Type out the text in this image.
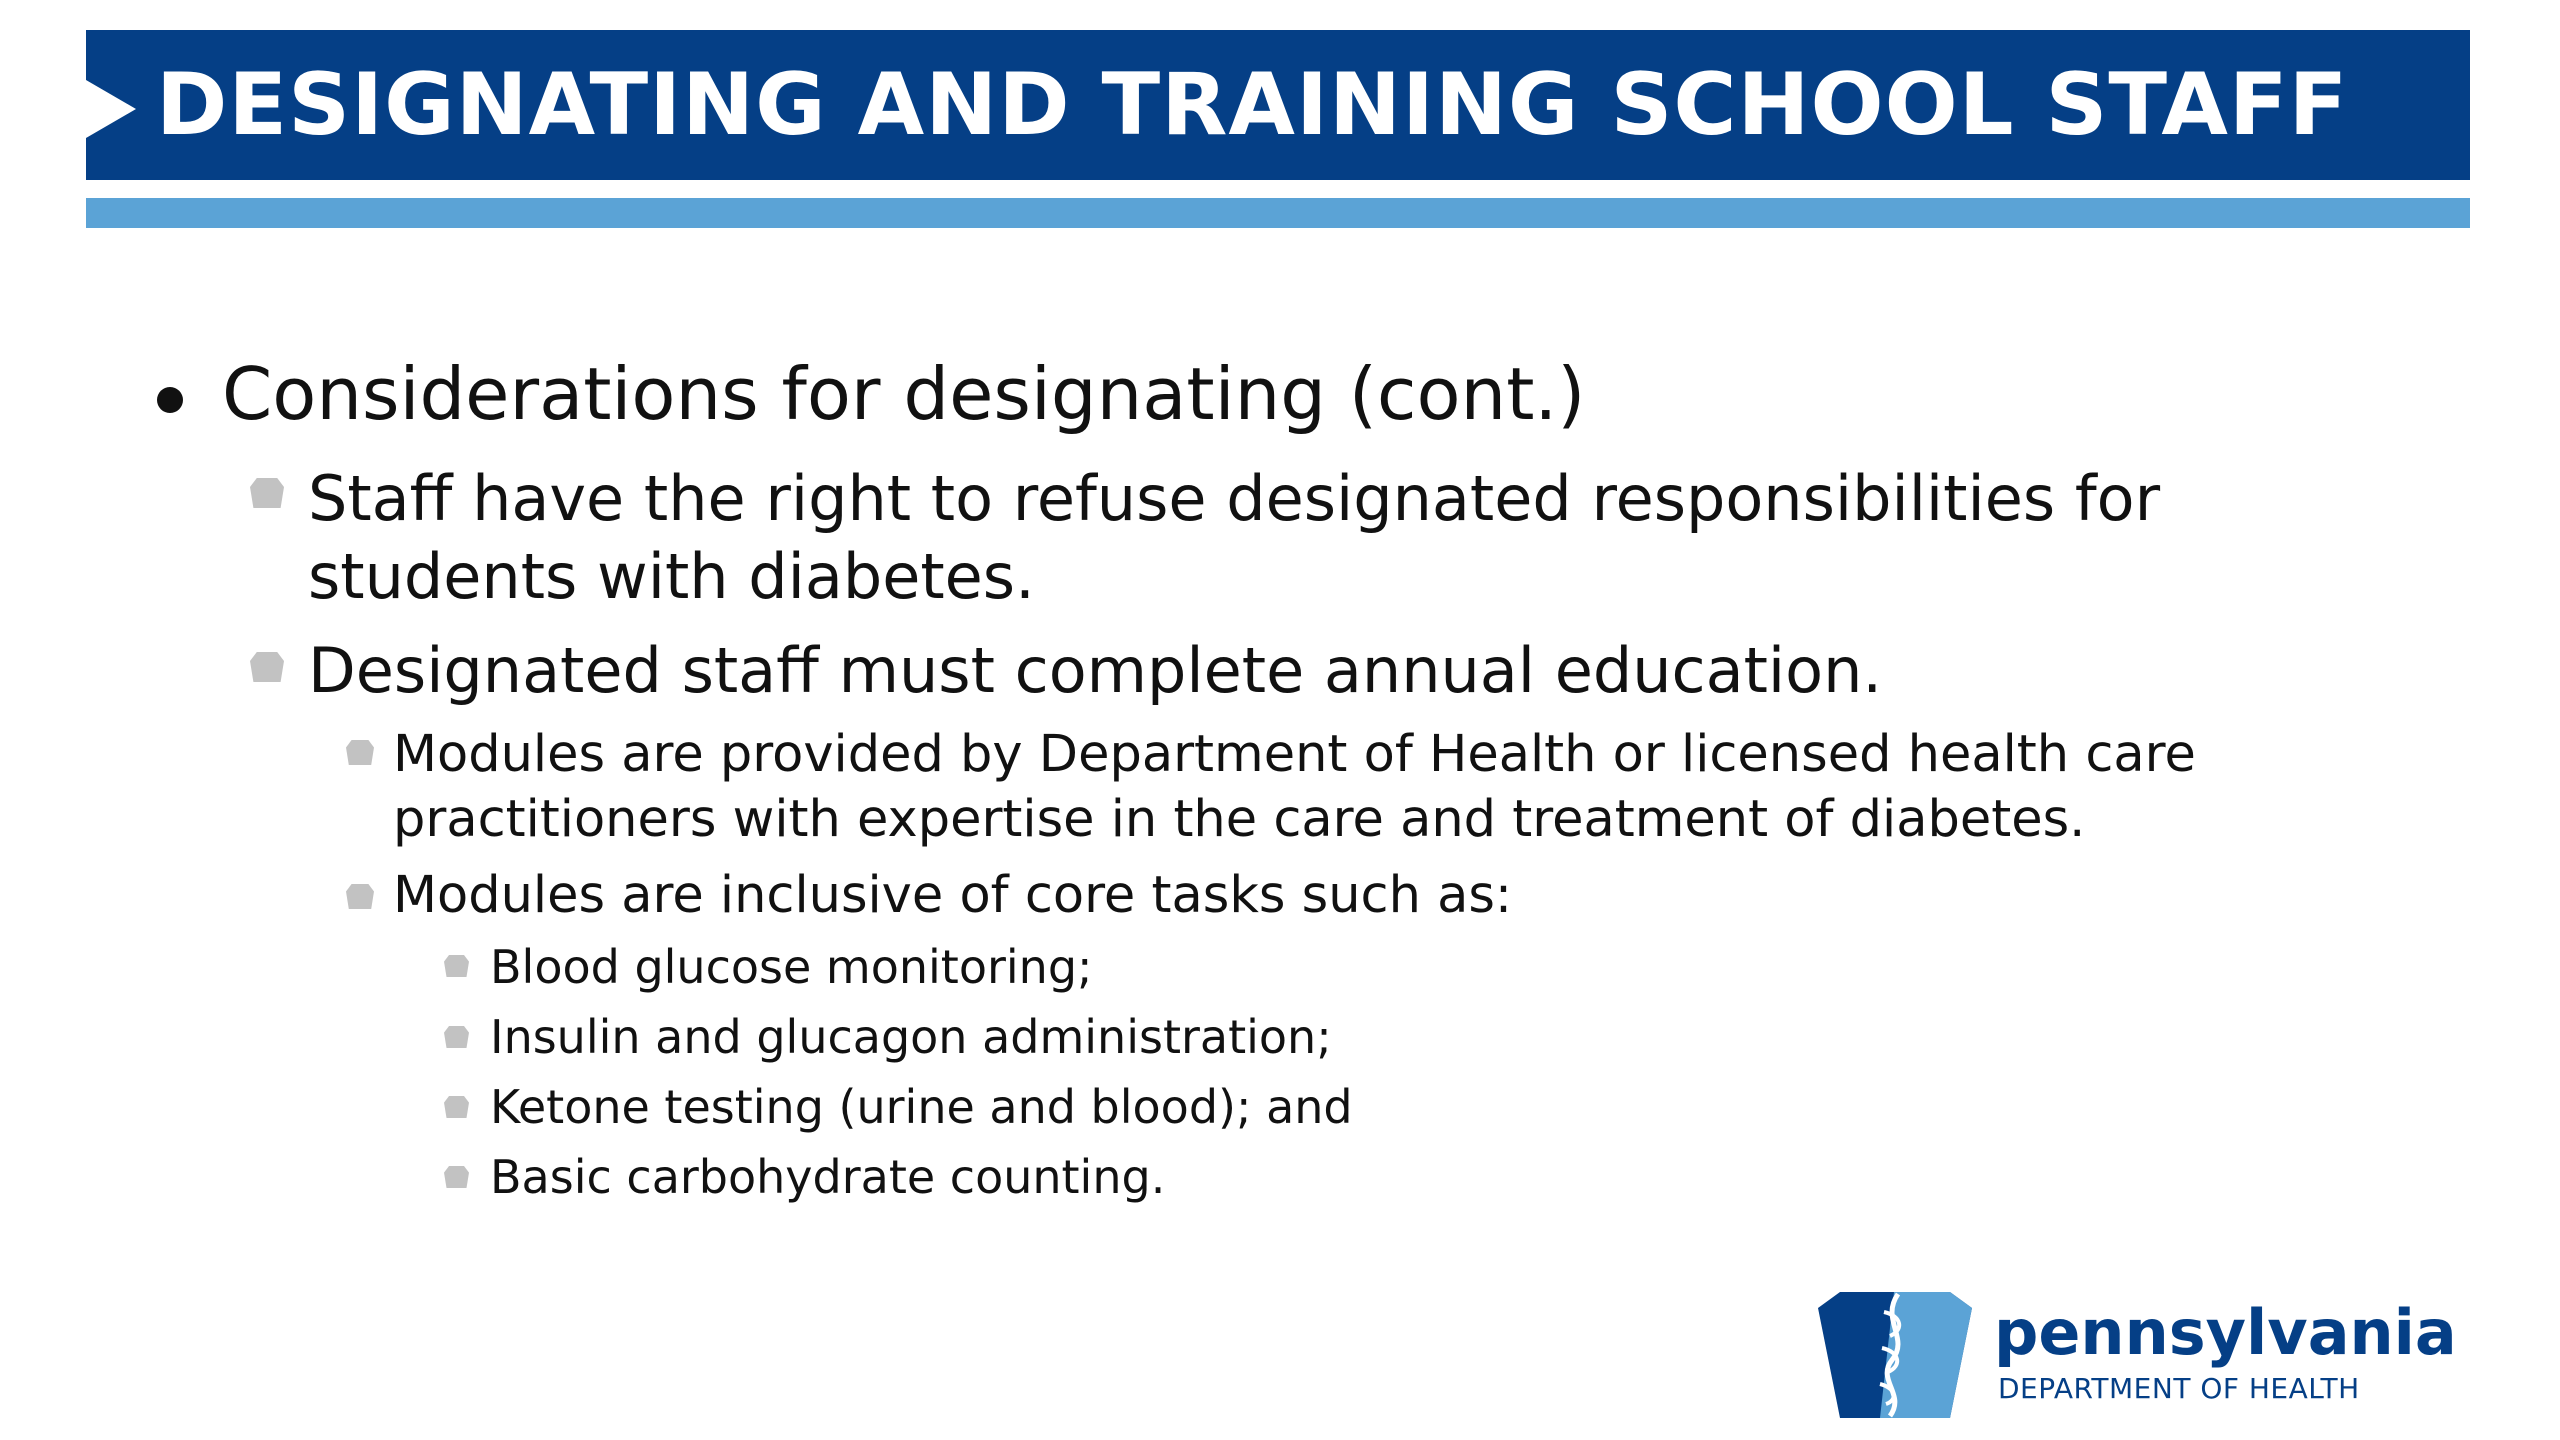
DESIGNATING AND TRAINING SCHOOL STAFF
Considerations for designating (cont.)
Staff have the right to refuse designated responsibilities for
students with diabetes.
Designated staff must complete annual education.
Modules are provided by Department of Health or licensed health care
practitioners with expertise in the care and treatment of diabetes.
Modules are inclusive of core tasks such as:
Blood glucose monitoring;
Insulin and glucagon administration;
Ketone testing (urine and blood); and
Basic carbohydrate counting.
pennsylvania
DEPARTMENT OF HEALTH
